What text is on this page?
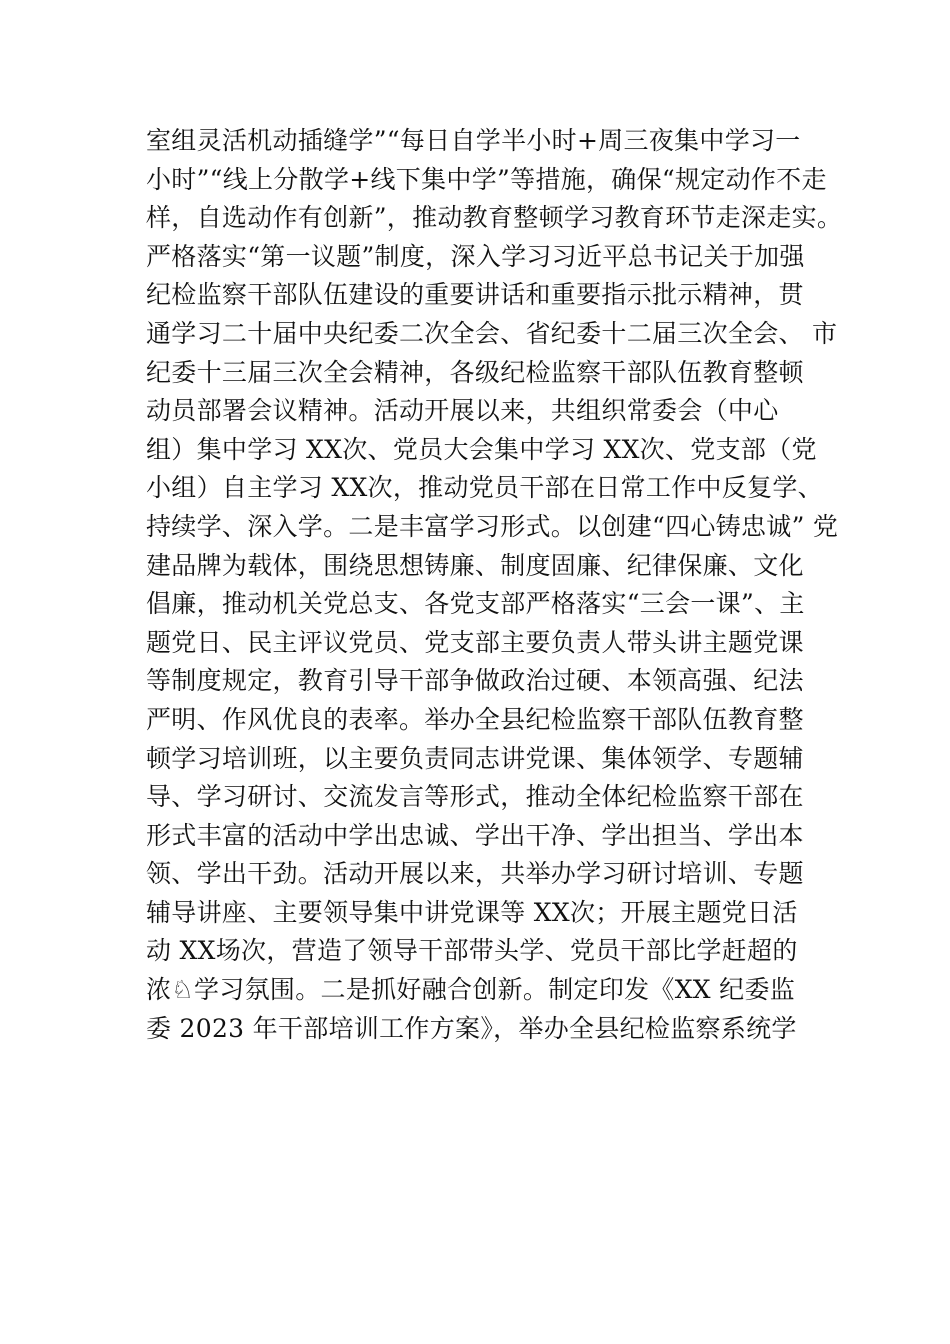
室组灵活机动插缝学”“每日自学半小时+周三夜集中学习一
小时”“线上分散学+线下集中学”等措施，确保“规定动作不走
样，自选动作有创新”，推动教育整顿学习教育环节走深走实。
严格落实“第一议题”制度，深入学习习近平总书记关于加强
纪检监察干部队伍建设的重要讲话和重要指示批示精神，贯
通学习二十届中央纪委二次全会、省纪委十二届三次全会、 市
纪委十三届三次全会精神，各级纪检监察干部队伍教育整顿
动员部署会议精神。活动开展以来，共组织常委会（中心
组）集中学习 XX次、党员大会集中学习 XX次、党支部（党
小组）自主学习 XX次，推动党员干部在日常工作中反复学、
持续学、深入学。二是丰富学习形式。以创建“四心铸忠诚” 党
建品牌为载体，围绕思想铸廉、制度固廉、纪律保廉、文化
倡廉，推动机关党总支、各党支部严格落实“三会一课”、主
题党日、民主评议党员、党支部主要负责人带头讲主题党课
等制度规定，教育引导干部争做政治过硬、本领高强、纪法
严明、作风优良的表率。举办全县纪检监察干部队伍教育整
顿学习培训班，以主要负责同志讲党课、集体领学、专题辅
导、学习研讨、交流发言等形式，推动全体纪检监察干部在
形式丰富的活动中学出忠诚、学出干净、学出担当、学出本
领、学出干劲。活动开展以来，共举办学习研讨培训、专题
辅导讲座、主要领导集中讲党课等 XX次；开展主题党日活
动 XX场次，营造了领导干部带头学、党员干部比学赶超的
浓♘学习氛围。二是抓好融合创新。制定印发《XX 纪委监
委 2023 年干部培训工作方案》，举办全县纪检监察系统学
